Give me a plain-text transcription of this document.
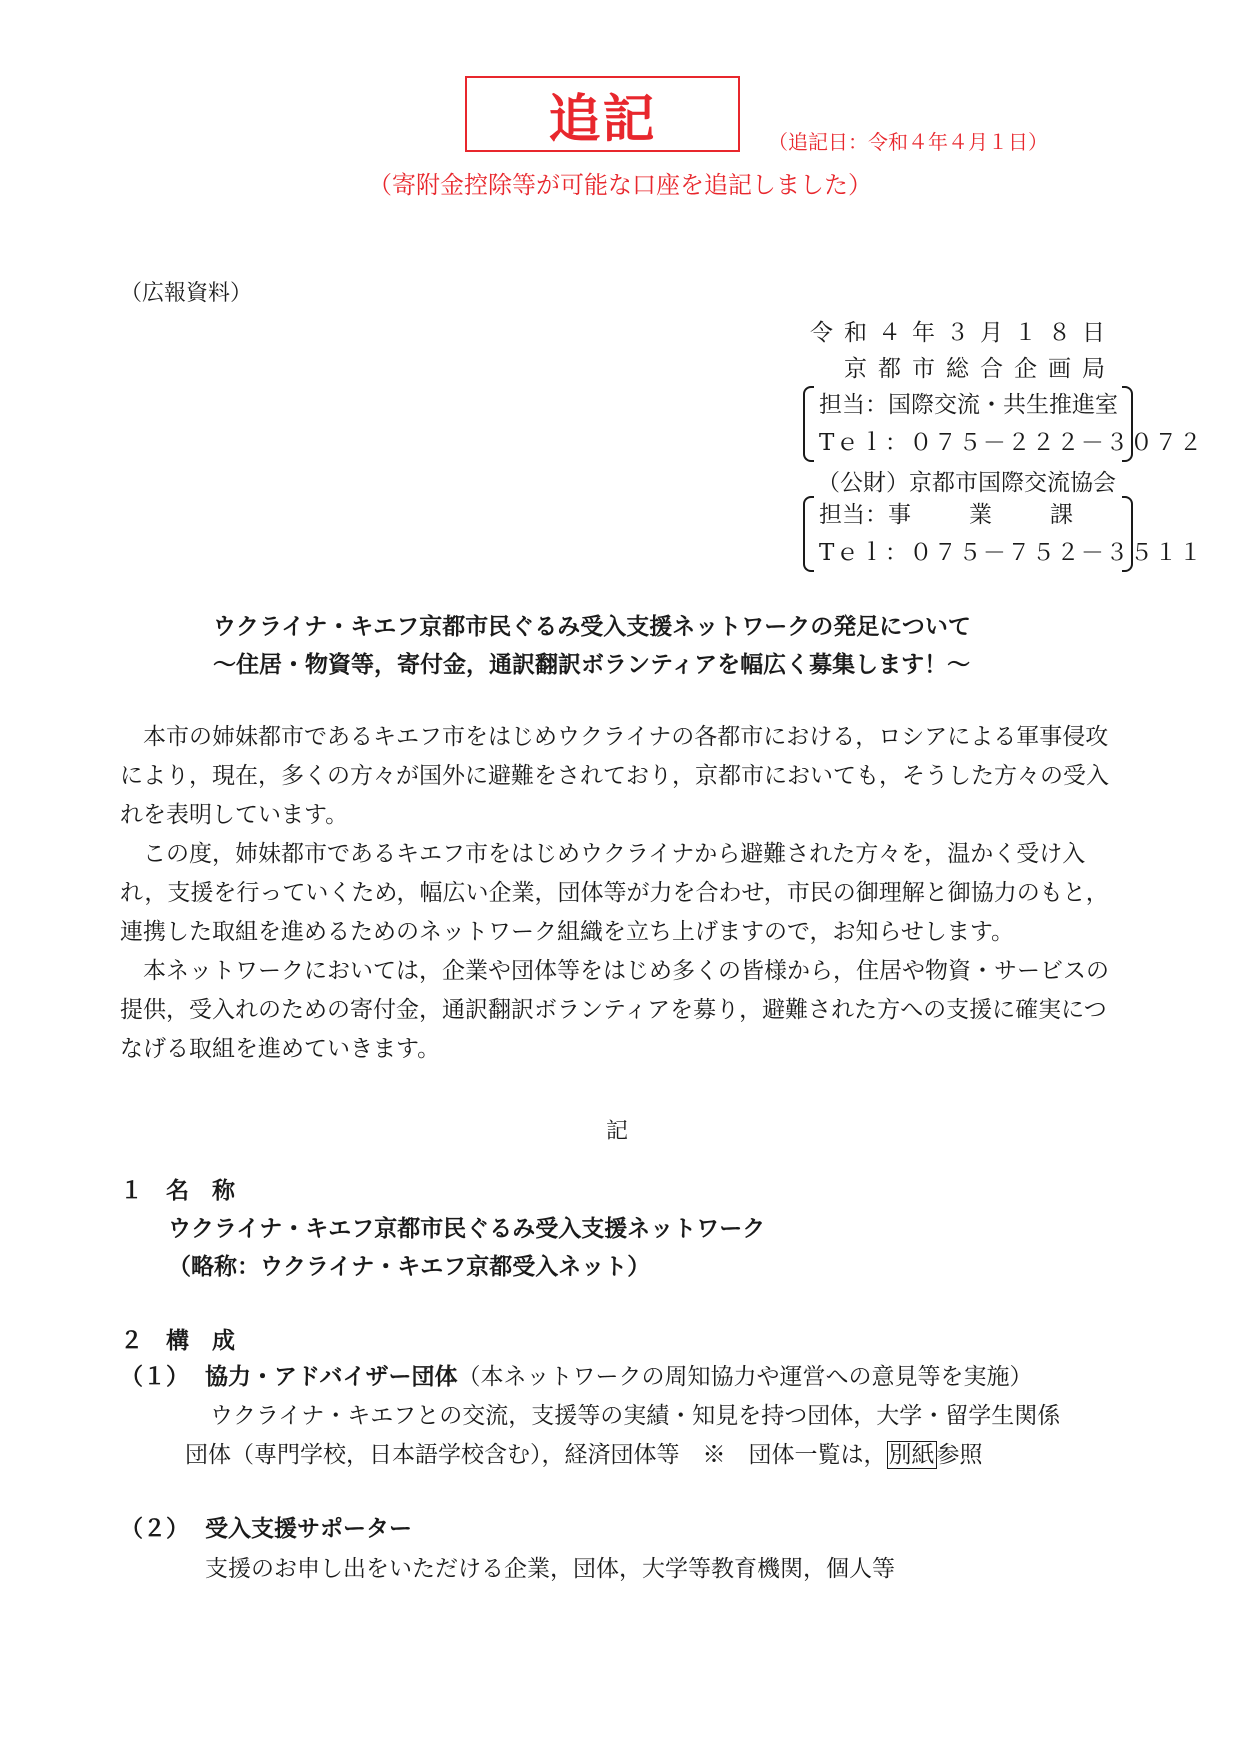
追記	（追記日：令和４年４月１日）
（寄附金控除等が可能な口座を追記しました）
（広報資料）
令和４年３月１８日
京都市総合企画局
担当：国際交流・共生推進室
Tｅｌ：０７５－２２２－３０７２
（公財）京都市国際交流協会
担当：事　　業　　課
Tｅｌ：０７５－７５２－３５１１
ウクライナ・キエフ京都市民ぐるみ受入支援ネットワークの発足について
～住居・物資等，寄付金，通訳翻訳ボランティアを幅広く募集します！～

本市の姉妹都市であるキエフ市をはじめウクライナの各都市における，ロシアによる軍事侵攻により，現在，多くの方々が国外に避難をされており，京都市においても，そうした方々の受入れを表明しています。

この度，姉妹都市であるキエフ市をはじめウクライナから避難された方々を，温かく受け入れ，支援を行っていくため，幅広い企業，団体等が力を合わせ，市民の御理解と御協力のもと，連携した取組を進めるためのネットワーク組織を立ち上げますので，お知らせします。

本ネットワークにおいては，企業や団体等をはじめ多くの皆様から，住居や物資・サービスの提供，受入れのための寄付金，通訳翻訳ボランティアを募り，避難された方への支援に確実につなげる取組を進めていきます。

記
１　名　称
ウクライナ・キエフ京都市民ぐるみ受入支援ネットワーク
（略称：ウクライナ・キエフ京都受入ネット）
２　構　成
（１） 協力・アドバイザー団体（本ネットワークの周知協力や運営への意見等を実施）
ウクライナ・キエフとの交流，支援等の実績・知見を持つ団体，大学・留学生関係
団体（専門学校，日本語学校含む），経済団体等　※　団体一覧は，別紙参照
（２） 受入支援サポーター
支援のお申し出をいただける企業，団体，大学等教育機関，個人等
